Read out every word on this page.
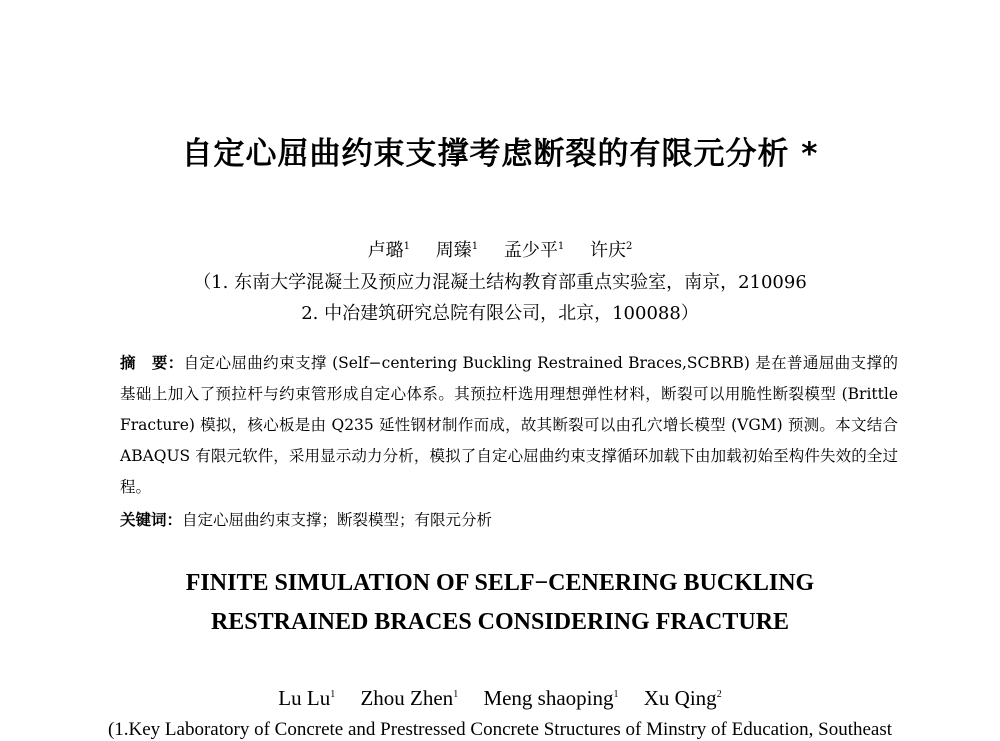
自定心屈曲约束支撑考虑断裂的有限元分析 *
卢璐$^1$ 周臻$^1$ 孟少平$^1$ 许庆$^2$
（1. 东南大学混凝土及预应力混凝土结构教育部重点实验室，南京，210096
2. 中冶建筑研究总院有限公司，北京，100088）
摘　要：自定心屈曲约束支撑 (Self−centering Buckling Restrained Braces,SCBRB) 是在普通屈曲支撑的基础上加入了预拉杆与约束管形成自定心体系。其预拉杆选用理想弹性材料，断裂可以用脆性断裂模型 (Brittle Fracture) 模拟，核心板是由 Q235 延性钢材制作而成，故其断裂可以由孔穴增长模型 (VGM) 预测。本文结合 ABAQUS 有限元软件，采用显示动力分析，模拟了自定心屈曲约束支撑循环加载下由加载初始至构件失效的全过程。
关键词：自定心屈曲约束支撑；断裂模型；有限元分析
FINITE SIMULATION OF SELF−CENERING BUCKLING
RESTRAINED BRACES CONSIDERING FRACTURE
Lu Lu$^1$ Zhou Zhen$^1$ Meng shaoping$^1$ Xu Qing$^2$
(1.Key Laboratory of Concrete and Prestressed Concrete Structures of Minstry of Education, Southeast
